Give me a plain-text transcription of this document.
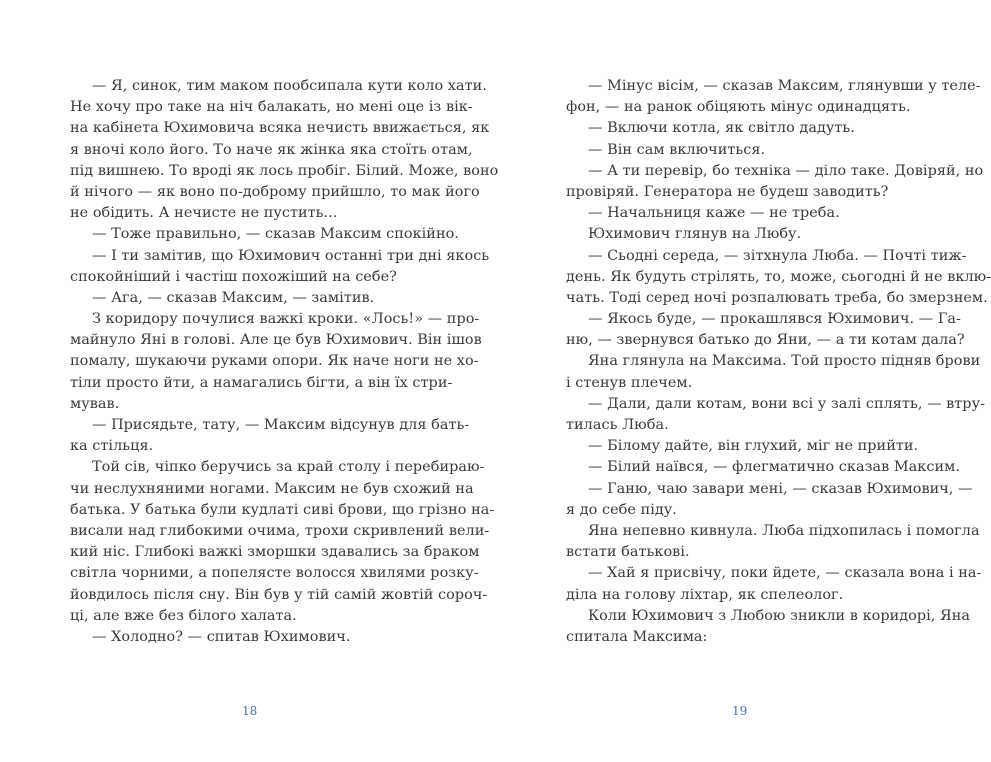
— Я, синок, тим маком пообсипала кути коло хати.
Не хочу про таке на ніч балакать, но мені оце із вік-
на кабінета Юхимовича всяка нечисть ввижається, як
я вночі коло його. То наче як жінка яка стоїть отам,
під вишнею. То вроді як лось пробіг. Білий. Може, воно
й нічого — як воно по-доброму прийшло, то мак його
не обідить. А нечисте не пустить...
— Тоже правильно, — сказав Максим спокійно.
— І ти замітив, що Юхимович останні три дні якось
спокойніший і частіш похожіший на себе?
— Ага, — сказав Максим, — замітив.
З коридору почулися важкі кроки. «Лось!» — про-
майнуло Яні в голові. Але це був Юхимович. Він ішов
помалу, шукаючи руками опори. Як наче ноги не хо-
тіли просто йти, а намагались бігти, а він їх стри-
мував.
— Присядьте, тату, — Максим відсунув для бать-
ка стільця.
Той сів, чіпко беручись за край столу і перебираю-
чи неслухняними ногами. Максим не був схожий на
батька. У батька були кудлаті сиві брови, що грізно на-
висали над глибокими очима, трохи скривлений вели-
кий ніс. Глибокі важкі зморшки здавались за браком
світла чорними, а попелясте волосся хвилями розку-
йовдилось після сну. Він був у тій самій жовтій сороч-
ці, але вже без білого халата.
— Холодно? — спитав Юхимович.
— Мінус вісім, — сказав Максим, глянувши у теле-
фон, — на ранок обіцяють мінус одинадцять.
— Включи котла, як світло дадуть.
— Він сам включиться.
— А ти перевір, бо техніка — діло таке. Довіряй, но
провіряй. Генератора не будеш заводить?
— Начальниця каже — не треба.
Юхимович глянув на Любу.
— Сьодні середа, — зітхнула Люба. — Почті тиж-
день. Як будуть стрілять, то, може, сьогодні й не вклю-
чать. Тоді серед ночі розпалювать треба, бо змерзнем.
— Якось буде, — прокашлявся Юхимович. — Га-
ню, — звернувся батько до Яни, — а ти котам дала?
Яна глянула на Максима. Той просто підняв брови
і стенув плечем.
— Дали, дали котам, вони всі у залі сплять, — втру-
тилась Люба.
— Білому дайте, він глухий, міг не прийти.
— Білий наївся, — флегматично сказав Максим.
— Ганю, чаю завари мені, — сказав Юхимович, —
я до себе піду.
Яна непевно кивнула. Люба підхопилась і помогла
встати батькові.
— Хай я присвічу, поки йдете, — сказала вона і на-
діла на голову ліхтар, як спелеолог.
Коли Юхимович з Любою зникли в коридорі, Яна
спитала Максима:
18	19
